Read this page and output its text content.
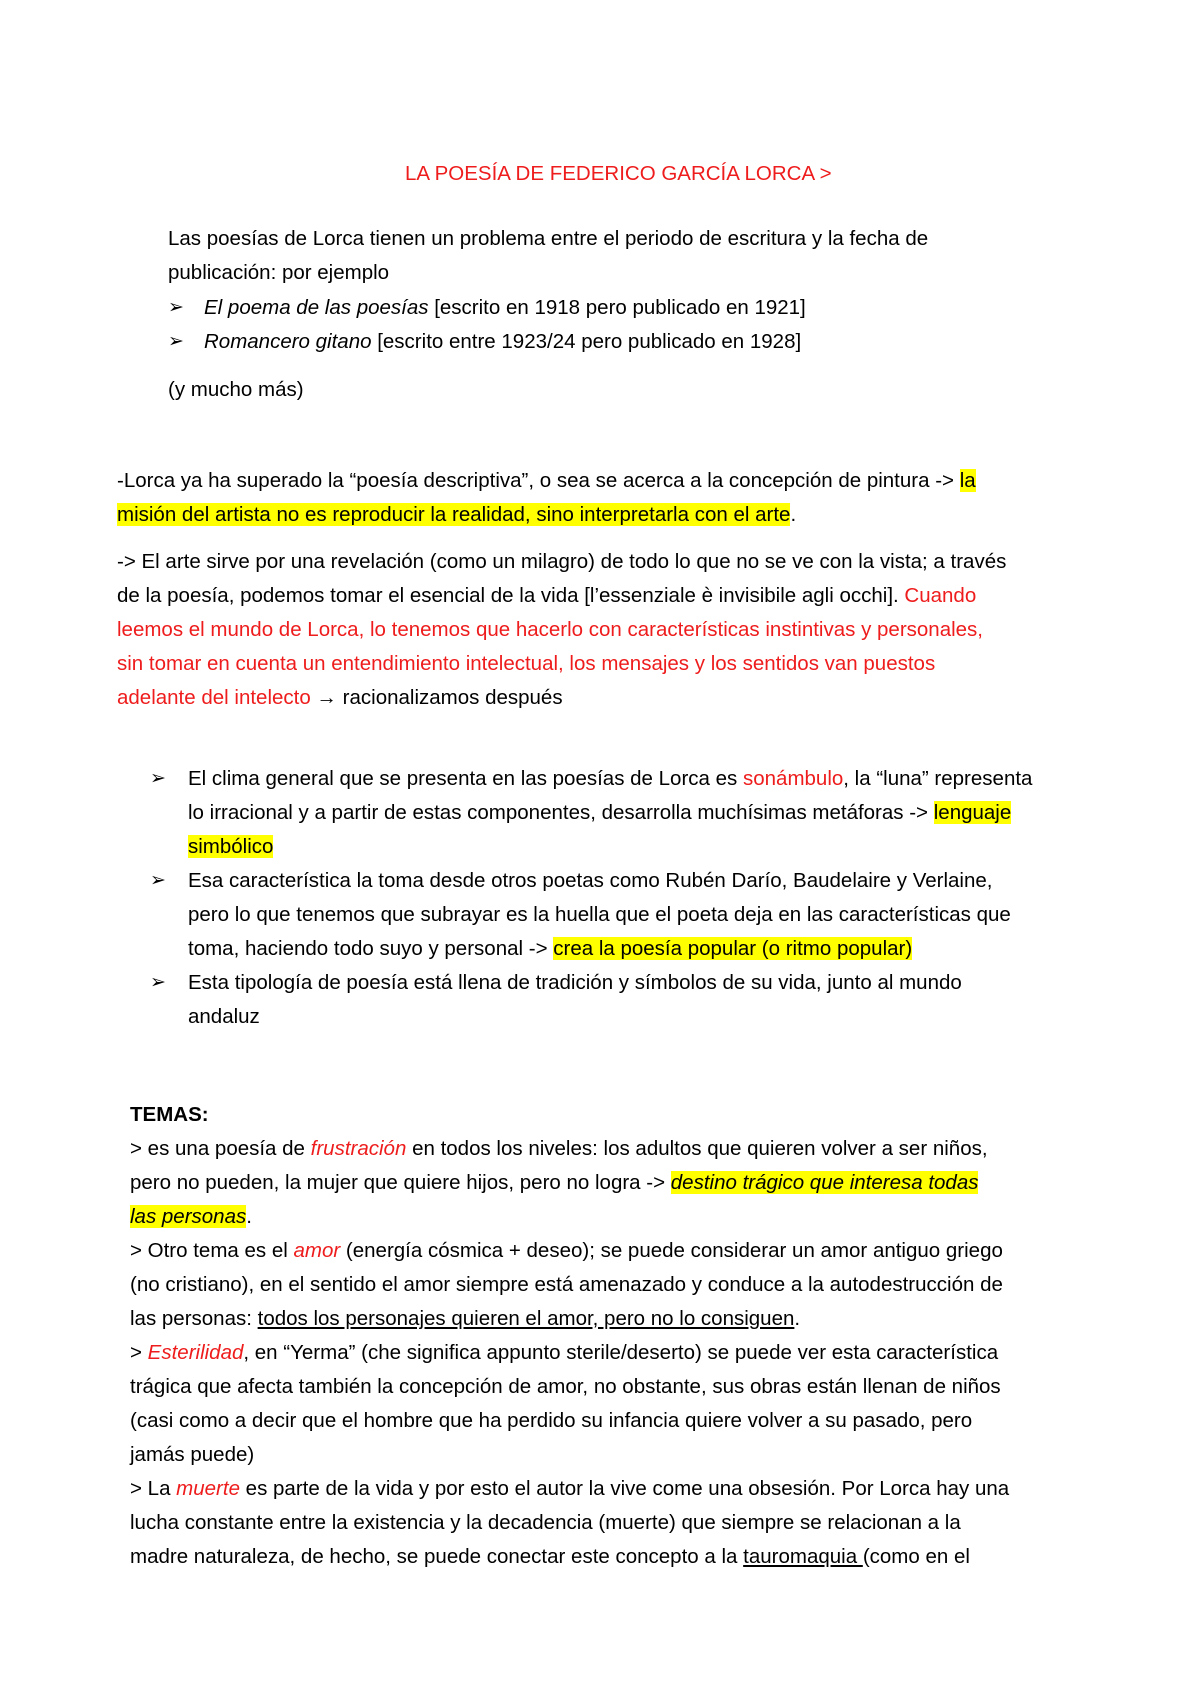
LA POESÍA DE FEDERICO GARCÍA LORCA >
Las poesías de Lorca tienen un problema entre el periodo de escritura y la fecha de
publicación: por ejemplo
➢ El poema de las poesías [escrito en 1918 pero publicado en 1921]
➢ Romancero gitano [escrito entre 1923/24 pero publicado en 1928]
(y mucho más)
-Lorca ya ha superado la “poesía descriptiva”, o sea se acerca a la concepción de pintura -> la
misión del artista no es reproducir la realidad, sino interpretarla con el arte.
-> El arte sirve por una revelación (como un milagro) de todo lo que no se ve con la vista; a través
de la poesía, podemos tomar el esencial de la vida [l’essenziale è invisibile agli occhi]. Cuando
leemos el mundo de Lorca, lo tenemos que hacerlo con características instintivas y personales,
sin tomar en cuenta un entendimiento intelectual, los mensajes y los sentidos van puestos
adelante del intelecto → racionalizamos después
➢ El clima general que se presenta en las poesías de Lorca es sonámbulo, la “luna” representa
lo irracional y a partir de estas componentes, desarrolla muchísimas metáforas -> lenguaje
simbólico
➢ Esa característica la toma desde otros poetas como Rubén Darío, Baudelaire y Verlaine,
pero lo que tenemos que subrayar es la huella que el poeta deja en las características que
toma, haciendo todo suyo y personal -> crea la poesía popular (o ritmo popular)
➢ Esta tipología de poesía está llena de tradición y símbolos de su vida, junto al mundo
andaluz
TEMAS:
> es una poesía de frustración en todos los niveles: los adultos que quieren volver a ser niños,
pero no pueden, la mujer que quiere hijos, pero no logra -> destino trágico que interesa todas
las personas.
> Otro tema es el amor (energía cósmica + deseo); se puede considerar un amor antiguo griego
(no cristiano), en el sentido el amor siempre está amenazado y conduce a la autodestrucción de
las personas: todos los personajes quieren el amor, pero no lo consiguen.
> Esterilidad, en “Yerma” (che significa appunto sterile/deserto) se puede ver esta característica
trágica que afecta también la concepción de amor, no obstante, sus obras están llenan de niños
(casi como a decir que el hombre que ha perdido su infancia quiere volver a su pasado, pero
jamás puede)
> La muerte es parte de la vida y por esto el autor la vive come una obsesión. Por Lorca hay una
lucha constante entre la existencia y la decadencia (muerte) que siempre se relacionan a la
madre naturaleza, de hecho, se puede conectar este concepto a la tauromaquia (como en el
